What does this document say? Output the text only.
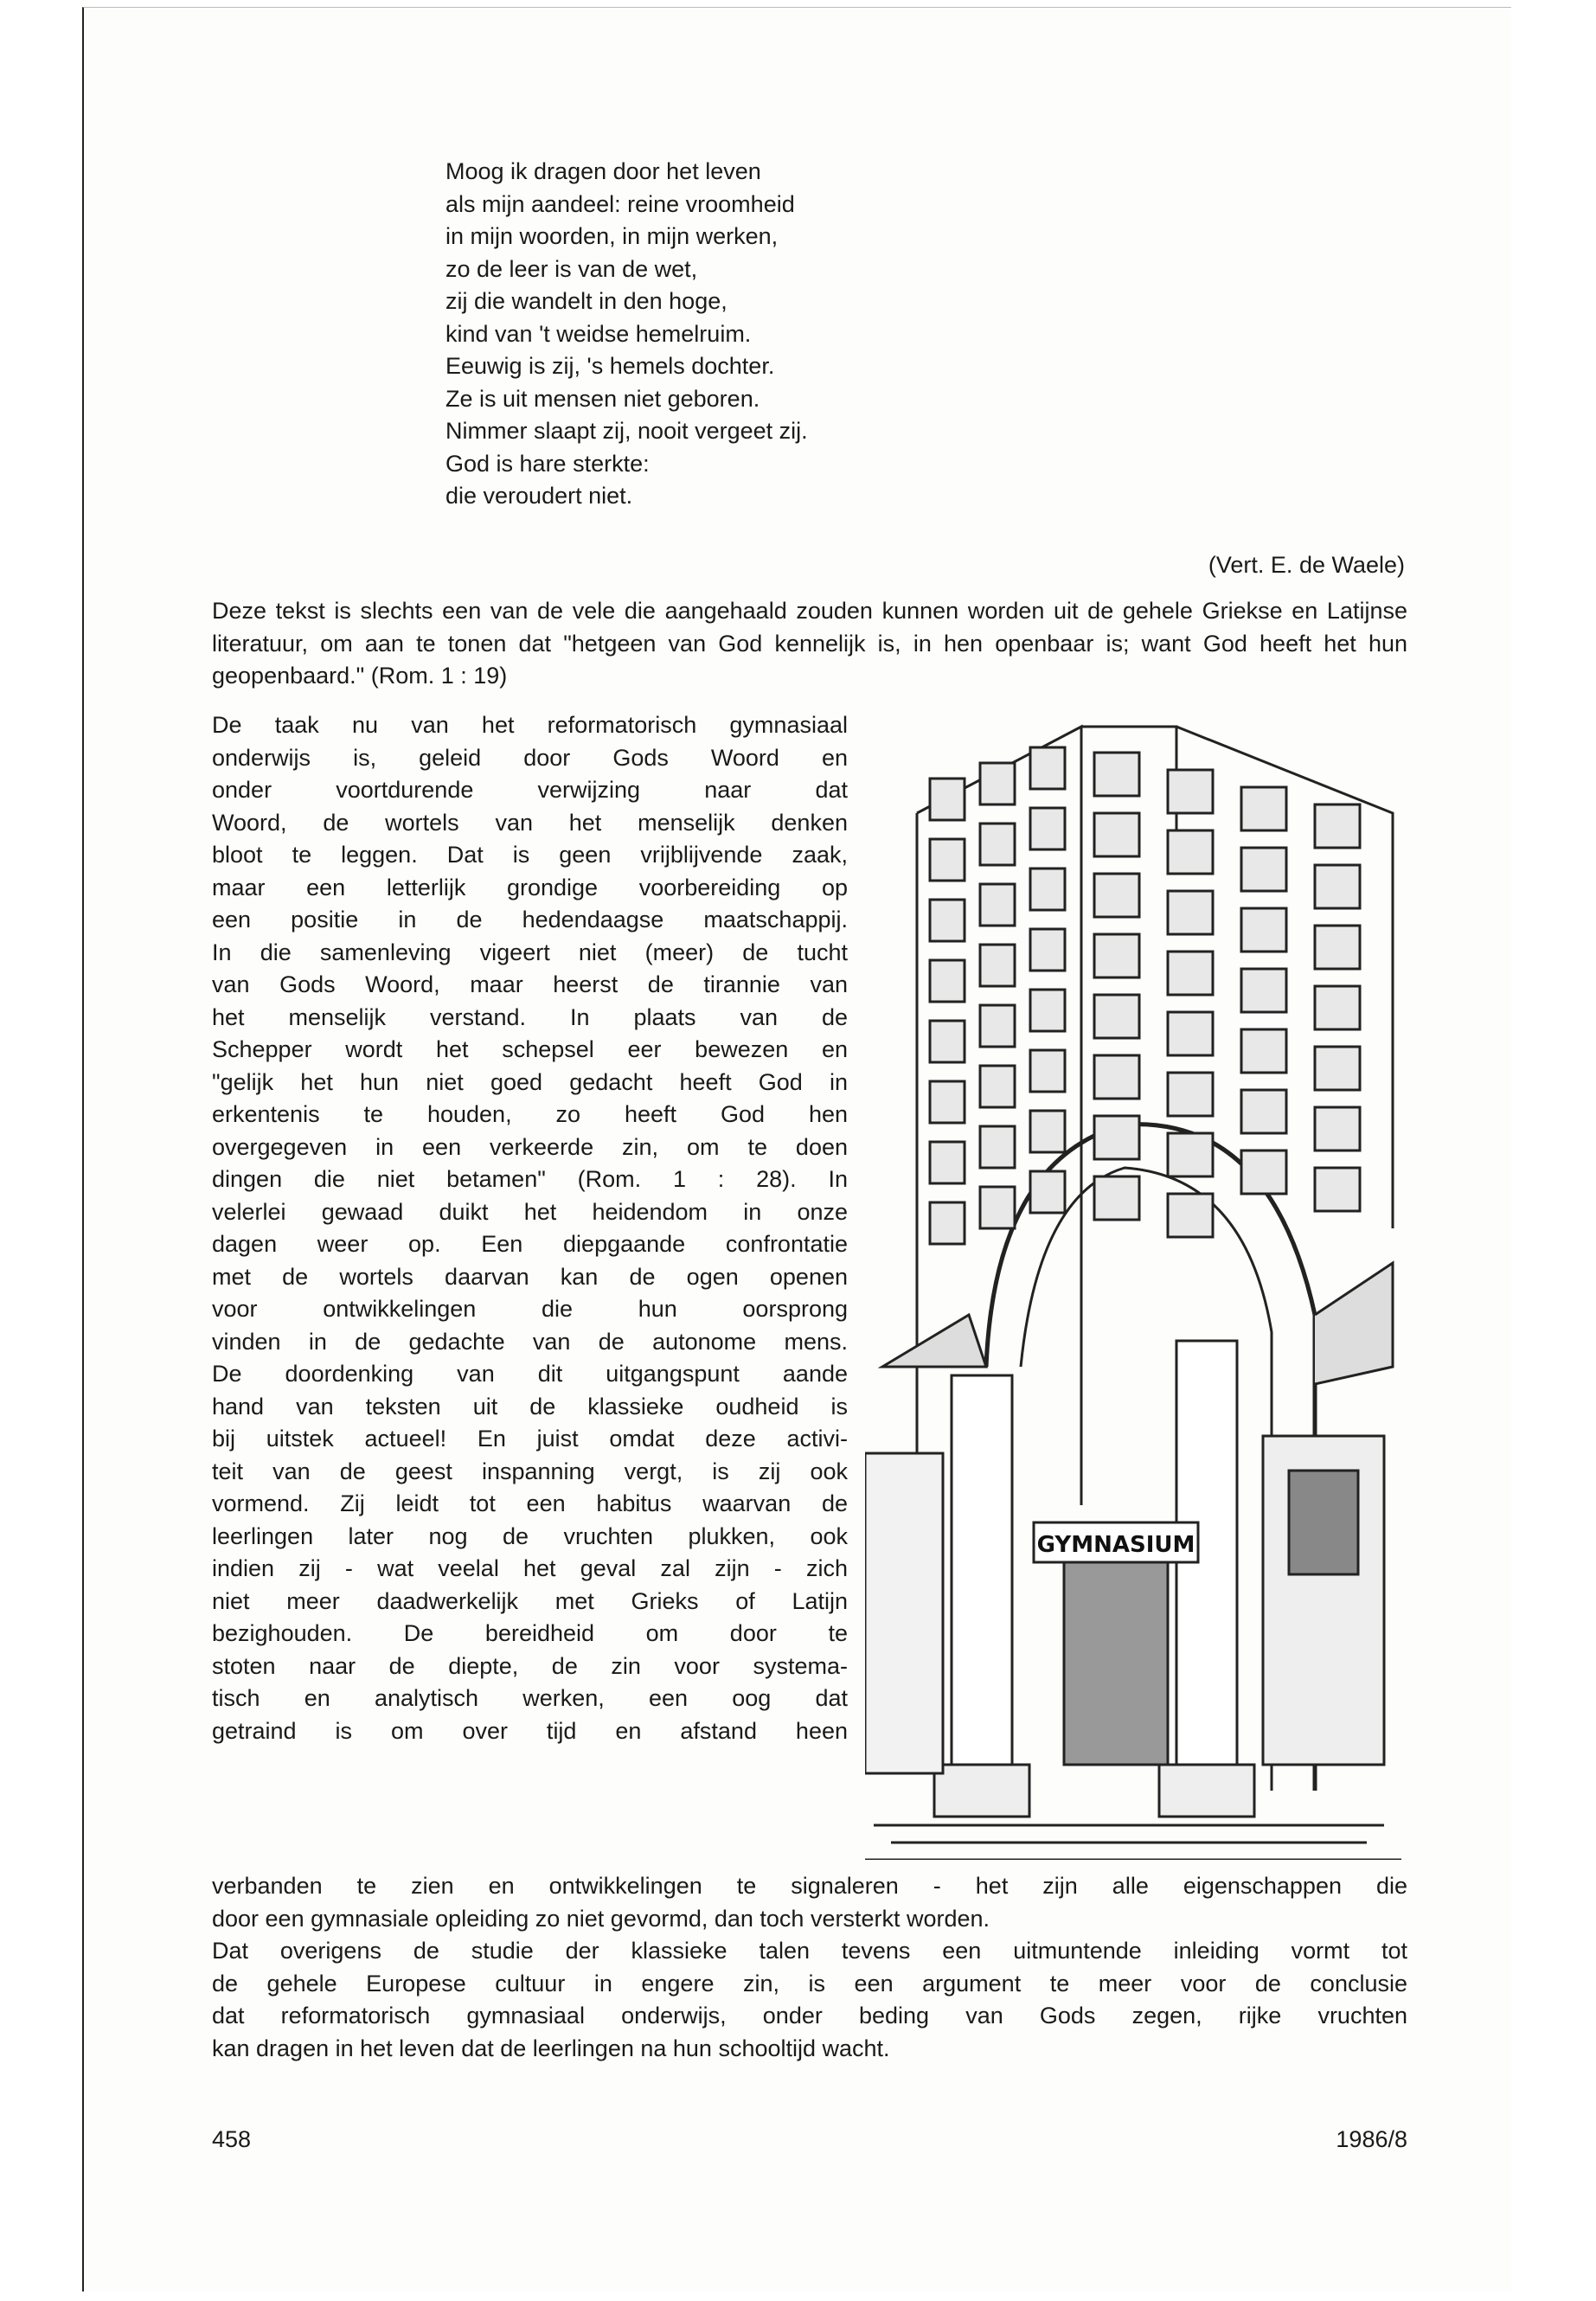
Moog ik dragen door het leven
als mijn aandeel: reine vroomheid
in mijn woorden, in mijn werken,
zo de leer is van de wet,
zij die wandelt in den hoge,
kind van 't weidse hemelruim.
Eeuwig is zij, 's hemels dochter.
Ze is uit mensen niet geboren.
Nimmer slaapt zij, nooit vergeet zij.
God is hare sterkte:
die veroudert niet.
(Vert. E. de Waele)

Deze tekst is slechts een van de vele die aangehaald zouden kunnen worden uit de gehele Griekse en Latijnse literatuur, om aan te tonen dat "hetgeen van God kennelijk is, in hen openbaar is; want God heeft het hun geopenbaard." (Rom. 1 : 19)

De taak nu van het reformatorisch gymnasiaal
onderwijs is, geleid door Gods Woord en
onder voortdurende verwijzing naar dat
Woord, de wortels van het menselijk denken
bloot te leggen. Dat is geen vrijblijvende zaak,
maar een letterlijk grondige voorbereiding op
een positie in de hedendaagse maatschappij.
In die samenleving vigeert niet (meer) de tucht
van Gods Woord, maar heerst de tirannie van
het menselijk verstand. In plaats van de
Schepper wordt het schepsel eer bewezen en
"gelijk het hun niet goed gedacht heeft God in
erkentenis te houden, zo heeft God hen
overgegeven in een verkeerde zin, om te doen
dingen die niet betamen" (Rom. 1 : 28). In
velerlei gewaad duikt het heidendom in onze
dagen weer op. Een diepgaande confrontatie
met de wortels daarvan kan de ogen openen
voor ontwikkelingen die hun oorsprong
vinden in de gedachte van de autonome mens.
De doordenking van dit uitgangspunt aande
hand van teksten uit de klassieke oudheid is
bij uitstek actueel! En juist omdat deze activi-
teit van de geest inspanning vergt, is zij ook
vormend. Zij leidt tot een habitus waarvan de
leerlingen later nog de vruchten plukken, ook
indien zij - wat veelal het geval zal zijn - zich
niet meer daadwerkelijk met Grieks of Latijn
bezighouden. De bereidheid om door te
stoten naar de diepte, de zin voor systema-
tisch en analytisch werken, een oog dat
getraind is om over tijd en afstand heen
GYMNASIUM
verbanden te zien en ontwikkelingen te signaleren - het zijn alle eigenschappen die
door een gymnasiale opleiding zo niet gevormd, dan toch versterkt worden.
Dat overigens de studie der klassieke talen tevens een uitmuntende inleiding vormt tot
de gehele Europese cultuur in engere zin, is een argument te meer voor de conclusie
dat reformatorisch gymnasiaal onderwijs, onder beding van Gods zegen, rijke vruchten
kan dragen in het leven dat de leerlingen na hun schooltijd wacht.
458	1986/8
